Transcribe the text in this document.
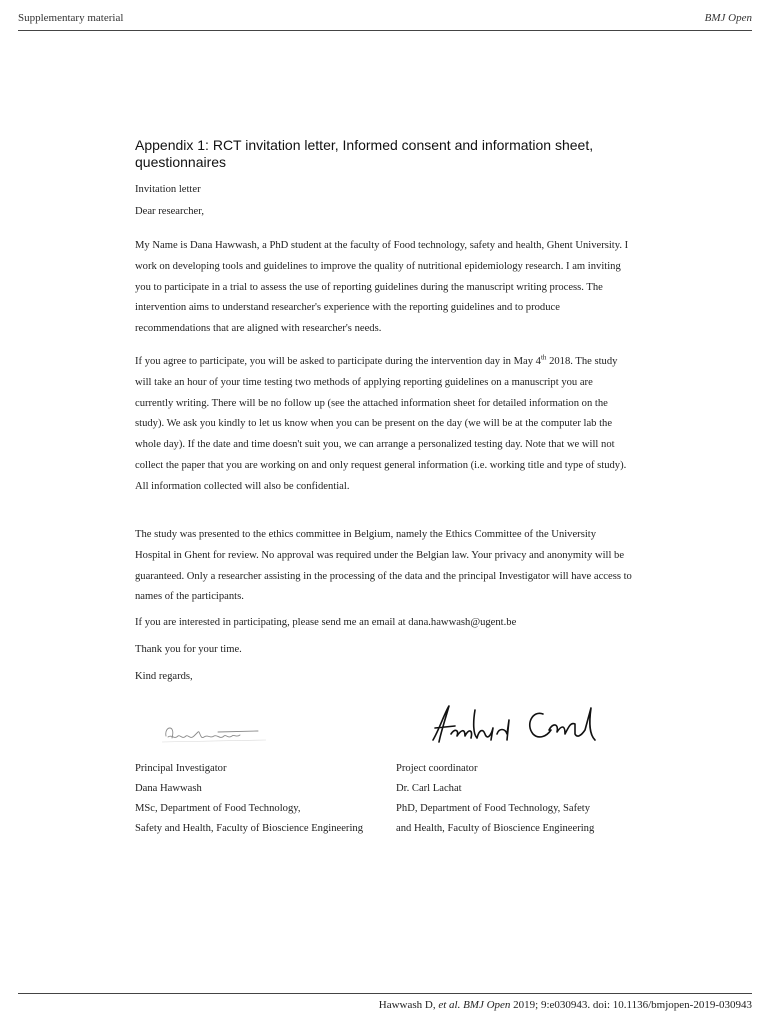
Supplementary material	BMJ Open
Appendix 1: RCT invitation letter, Informed consent and information sheet, questionnaires
Invitation letter
Dear researcher,
My Name is Dana Hawwash, a PhD student at the faculty of Food technology, safety and health, Ghent University. I work on developing tools and guidelines to improve the quality of nutritional epidemiology research. I am inviting you to participate in a trial to assess the use of reporting guidelines during the manuscript writing process. The intervention aims to understand researcher's experience with the reporting guidelines and to produce recommendations that are aligned with researcher's needs.
If you agree to participate, you will be asked to participate during the intervention day in May 4th 2018. The study will take an hour of your time testing two methods of applying reporting guidelines on a manuscript you are currently writing. There will be no follow up (see the attached information sheet for detailed information on the study). We ask you kindly to let us know when you can be present on the day (we will be at the computer lab the whole day). If the date and time doesn't suit you, we can arrange a personalized testing day. Note that we will not collect the paper that you are working on and only request general information (i.e. working title and type of study). All information collected will also be confidential.
The study was presented to the ethics committee in Belgium, namely the Ethics Committee of the University Hospital in Ghent for review. No approval was required under the Belgian law. Your privacy and anonymity will be guaranteed. Only a researcher assisting in the processing of the data and the principal Investigator will have access to names of the participants.
If you are interested in participating, please send me an email at dana.hawwash@ugent.be
Thank you for your time.
Kind regards,
Principal Investigator
Dana Hawwash
MSc, Department of Food Technology,
Safety and Health, Faculty of Bioscience Engineering
Project coordinator
Dr. Carl Lachat
PhD, Department of Food Technology, Safety
and Health, Faculty of Bioscience Engineering
Hawwash D, et al. BMJ Open 2019; 9:e030943. doi: 10.1136/bmjopen-2019-030943
